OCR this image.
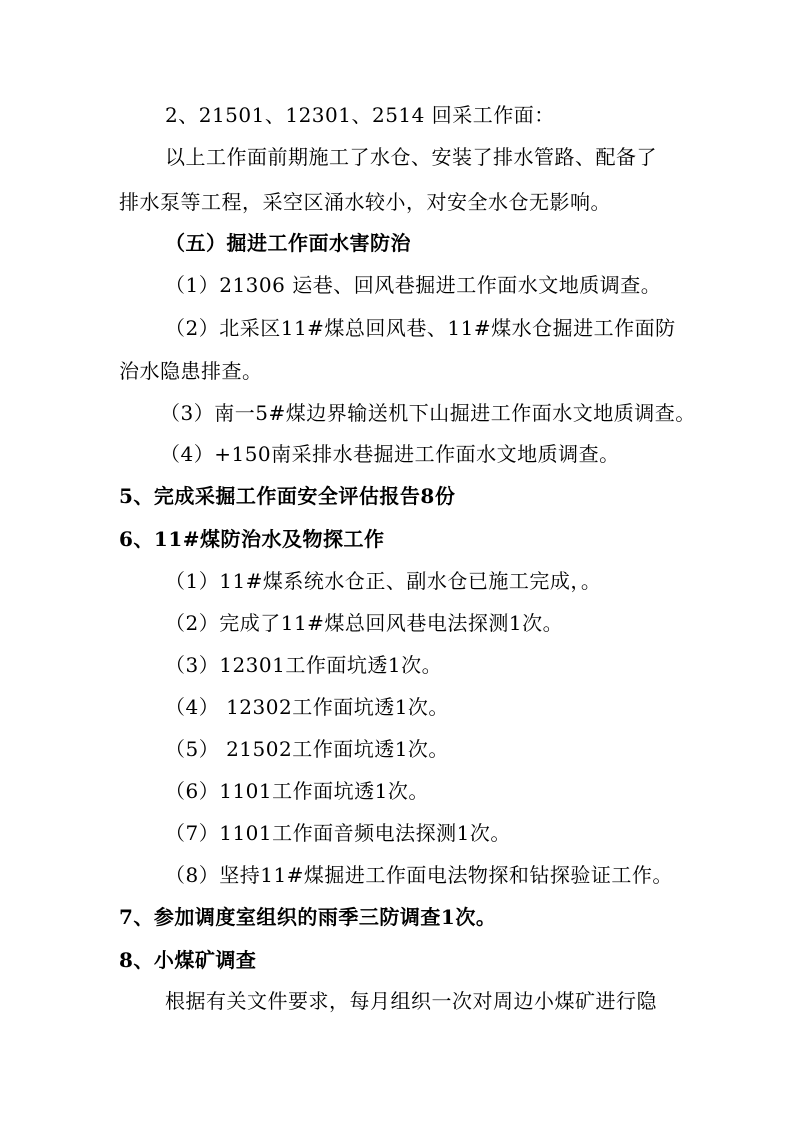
2、21501、12301、2514 回采工作面：
以上工作面前期施工了水仓、安装了排水管路、配备了
排水泵等工程，采空区涌水较小，对安全水仓无影响。
（五）掘进工作面水害防治
（1）21306 运巷、回风巷掘进工作面水文地质调查。
（2）北采区11#煤总回风巷、11#煤水仓掘进工作面防
治水隐患排查。
（3）南一5#煤边界输送机下山掘进工作面水文地质调查。
（4）+150南采排水巷掘进工作面水文地质调查。
5、完成采掘工作面安全评估报告8份
6、11#煤防治水及物探工作
（1）11#煤系统水仓正、副水仓已施工完成，。
（2）完成了11#煤总回风巷电法探测1次。
（3）12301工作面坑透1次。
（4） 12302工作面坑透1次。
（5） 21502工作面坑透1次。
（6）1101工作面坑透1次。
（7）1101工作面音频电法探测1次。
（8）坚持11#煤掘进工作面电法物探和钻探验证工作。
7、参加调度室组织的雨季三防调查1次。
8、小煤矿调查
根据有关文件要求，每月组织一次对周边小煤矿进行隐
